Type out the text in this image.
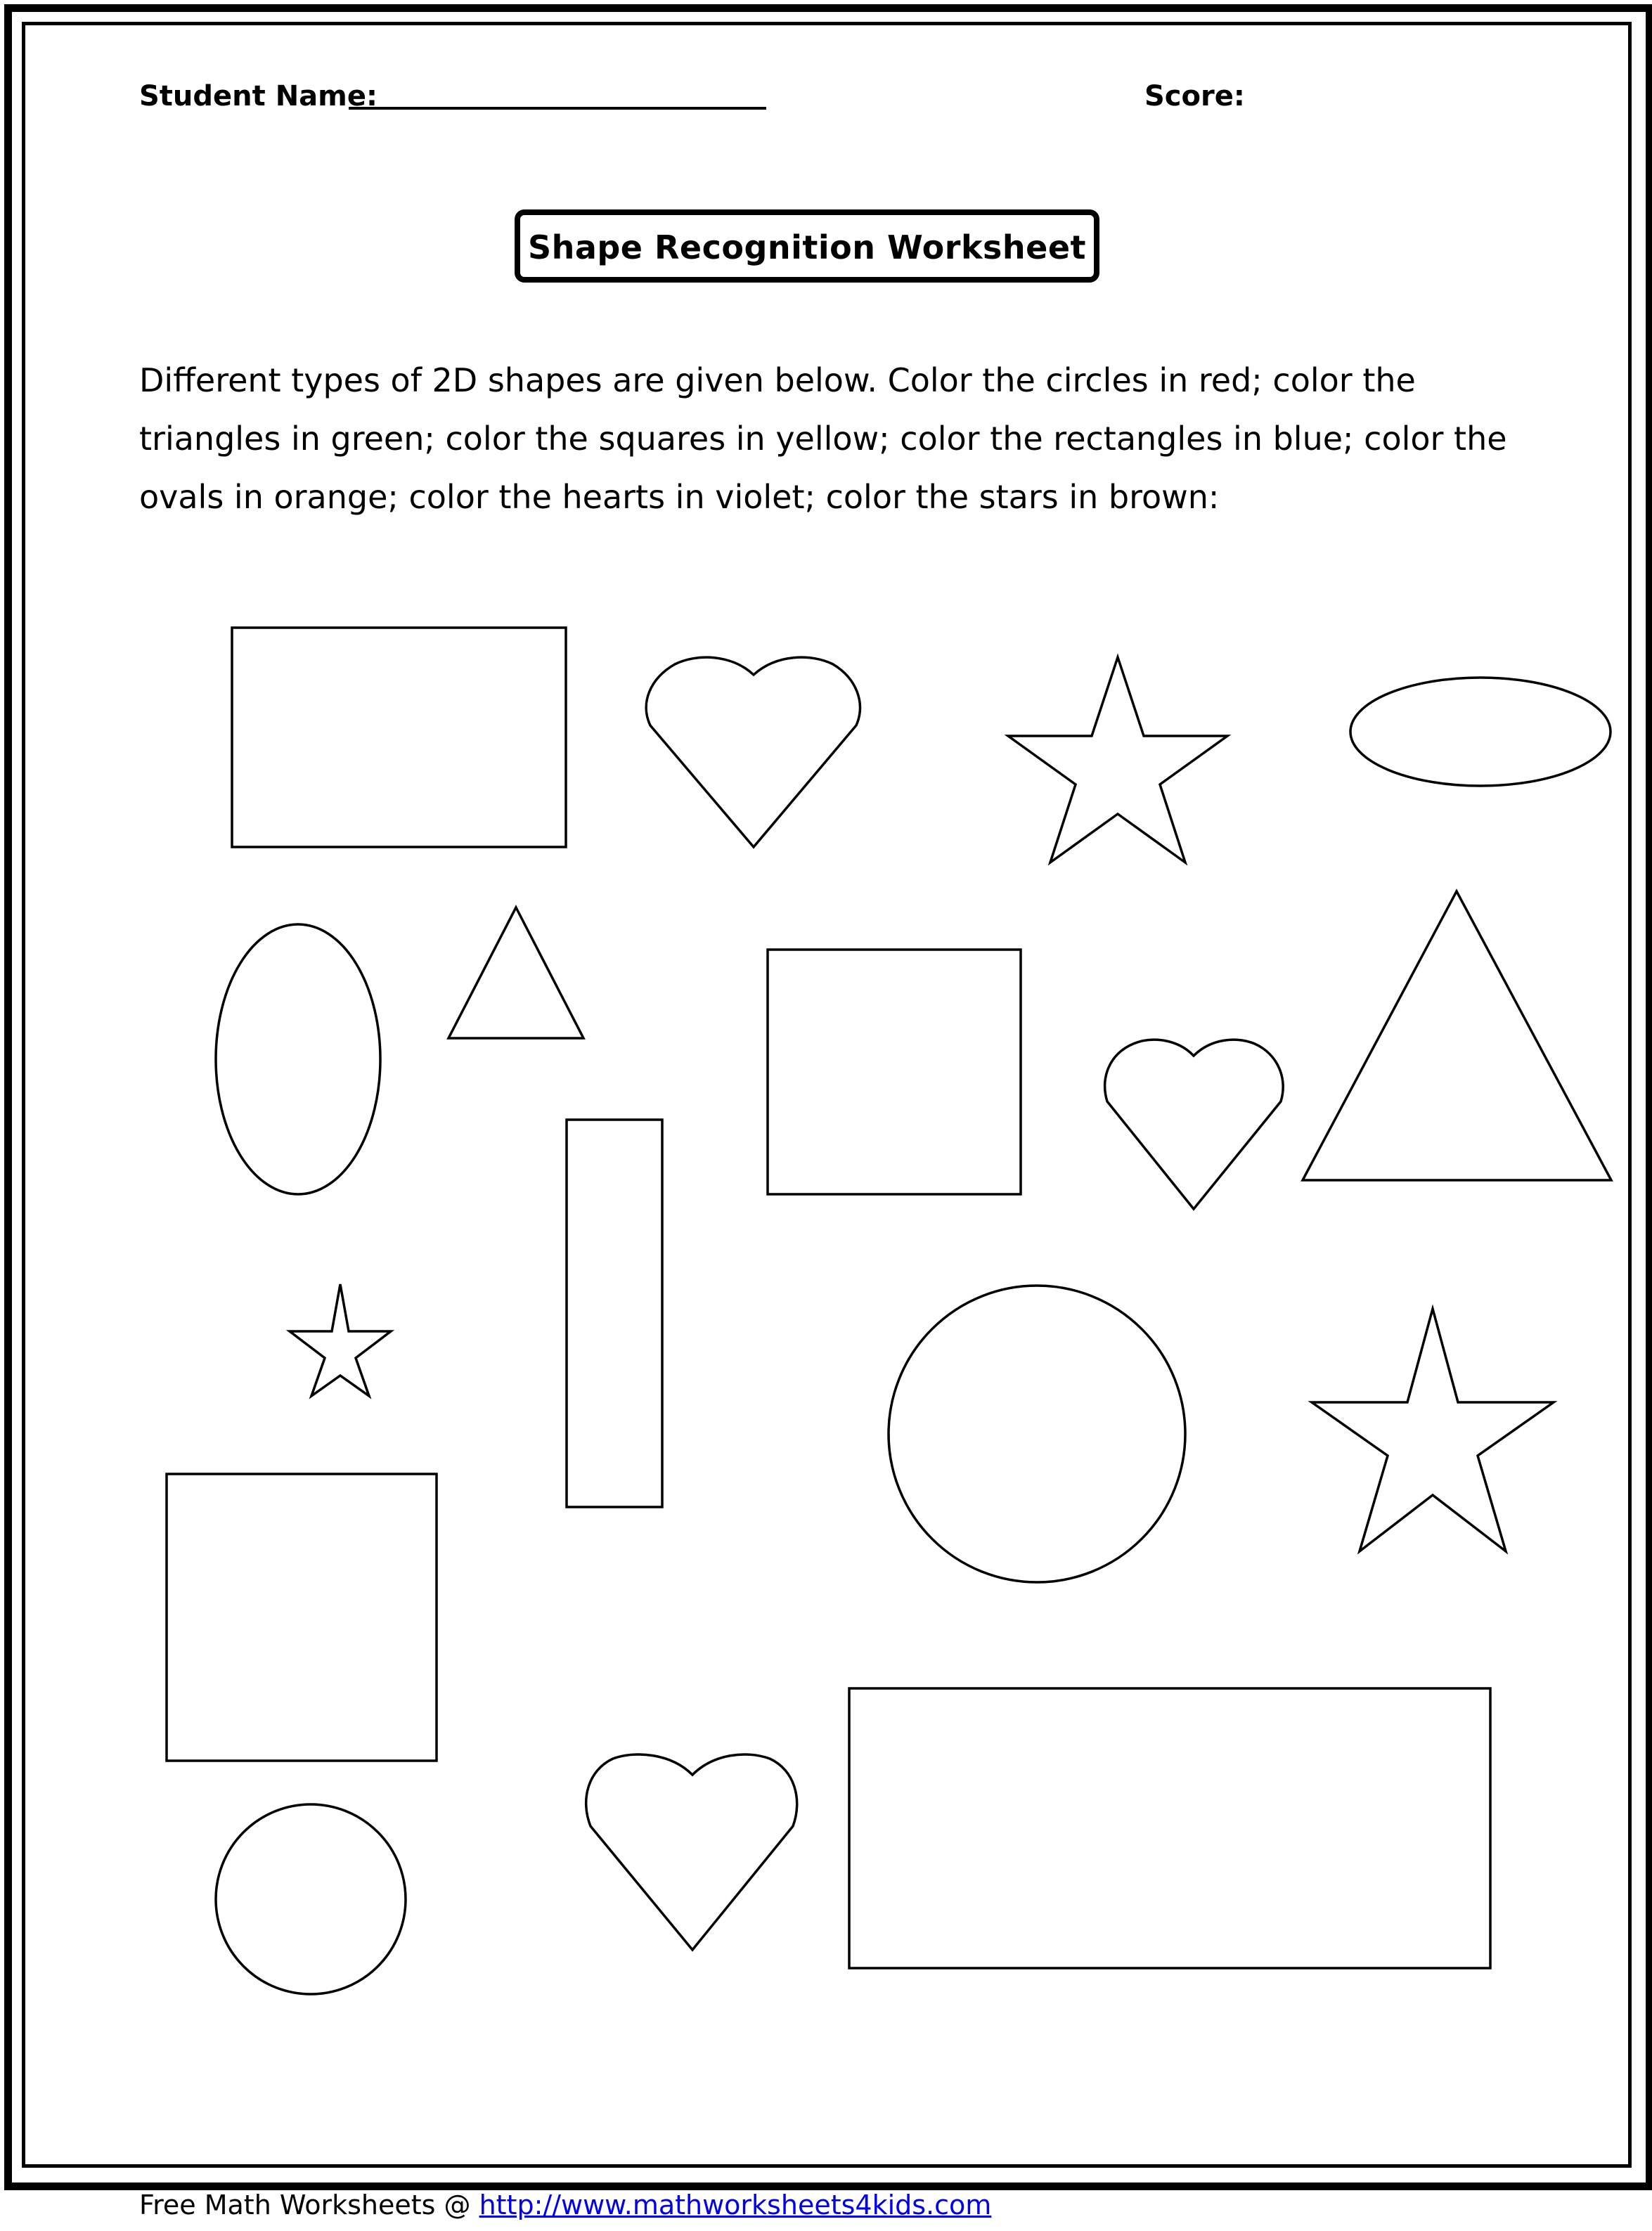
Student Name:	Score:
Shape Recognition Worksheet
Different types of 2D shapes are given below. Color the circles in red; color the triangles in green; color the squares in yellow; color the rectangles in blue; color the ovals in orange; color the hearts in violet; color the stars in brown:
Free Math Worksheets @ http://www.mathworksheets4kids.com
